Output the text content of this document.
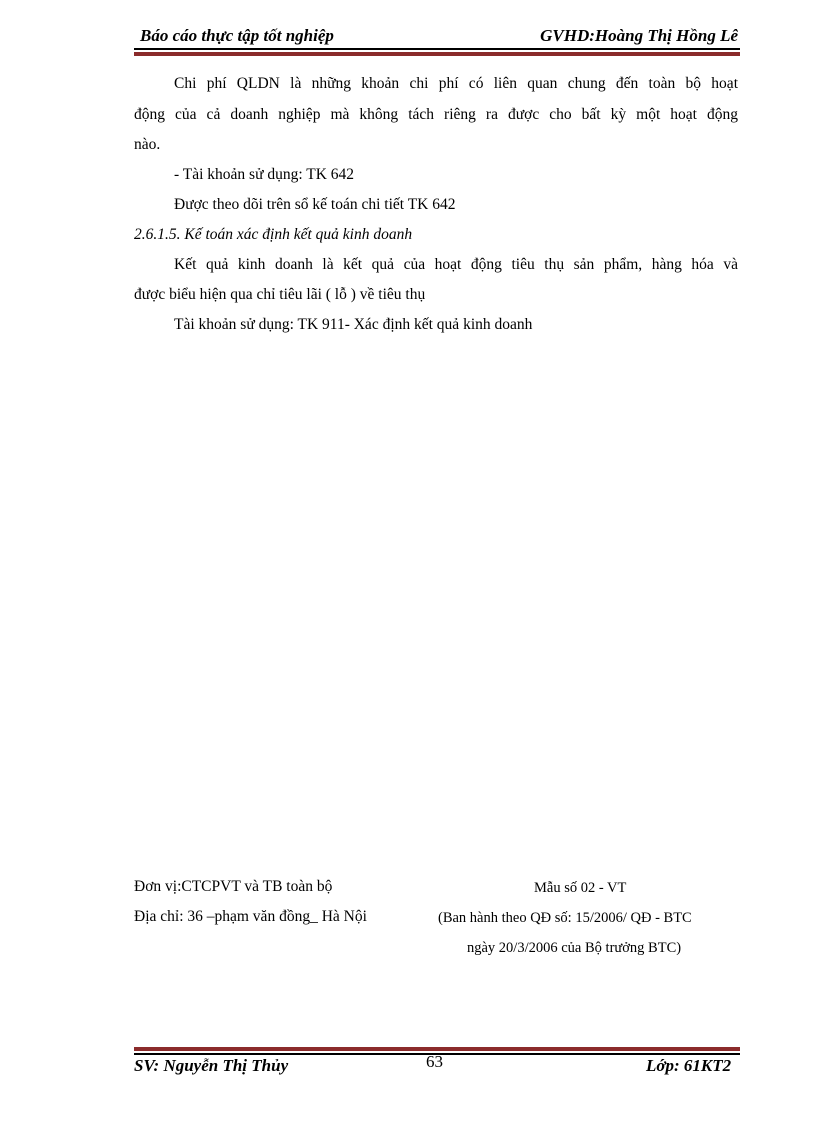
Báo cáo thực tập tốt nghiệp	GVHD:Hoàng Thị Hồng Lê
Chi phí QLDN là những khoản chi phí có liên quan chung đến toàn bộ hoạt
động của cả doanh nghiệp mà không tách riêng ra được cho bất kỳ một hoạt động
nào.
- Tài khoản sử dụng: TK 642
Được theo dõi trên sổ kế toán chi tiết TK 642
2.6.1.5. Kế toán xác định kết quả kinh doanh
Kết quả kinh doanh là kết quả của hoạt động tiêu thụ sản phẩm, hàng hóa và
được biểu hiện qua chỉ tiêu lãi ( lỗ ) về tiêu thụ
Tài khoản sử dụng: TK 911- Xác định kết quả kinh doanh
Đơn vị:CTCPVT và TB toàn bộ
Địa chỉ: 36 –phạm văn đồng_ Hà Nội
Mẫu số 02 - VT
(Ban hành theo QĐ số: 15/2006/ QĐ - BTC
ngày 20/3/2006 của Bộ trưởng BTC)
SV: Nguyễn Thị Thủy	63	Lớp: 61KT2
